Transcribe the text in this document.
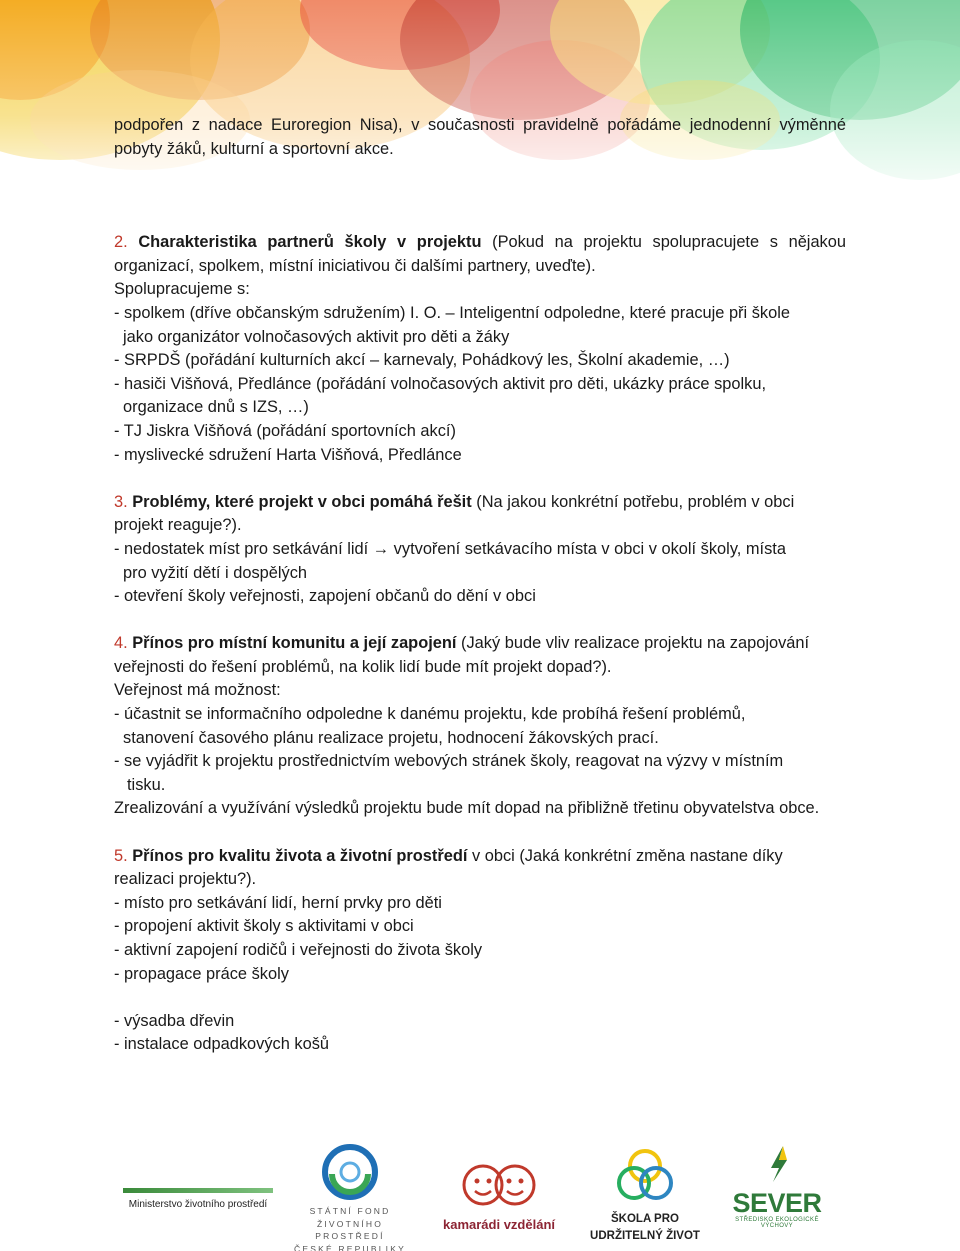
podpořen z nadace Euroregion Nisa), v současnosti pravidelně pořádáme jednodenní výměnné pobyty žáků, kulturní a sportovní akce.

2. Charakteristika partnerů školy v projektu (Pokud na projektu spolupracujete s nějakou organizací, spolkem, místní iniciativou či dalšími partnery, uveďte).

Spolupracujeme s:

- spolkem (dříve občanským sdružením) I. O. – Inteligentní odpoledne, které pracuje při škole

jako organizátor volnočasových aktivit pro děti a žáky

- SRPDŠ (pořádání kulturních akcí – karnevaly, Pohádkový les, Školní akademie, …)

- hasiči Višňová, Předlánce (pořádání volnočasových aktivit pro děti, ukázky práce spolku,

organizace dnů s IZS, …)

- TJ Jiskra Višňová (pořádání sportovních akcí)

- myslivecké sdružení Harta Višňová, Předlánce

3. Problémy, které projekt v obci pomáhá řešit (Na jakou konkrétní potřebu, problém v obci projekt reaguje?).

- nedostatek míst pro setkávání lidí → vytvoření setkávacího místa v obci v okolí školy, místa

pro vyžití dětí i dospělých

- otevření školy veřejnosti, zapojení občanů do dění v obci

4. Přínos pro místní komunitu a její zapojení (Jaký bude vliv realizace projektu na zapojování veřejnosti do řešení problémů, na kolik lidí bude mít projekt dopad?).

Veřejnost má možnost:

- účastnit se informačního odpoledne k danému projektu, kde probíhá řešení problémů,

stanovení časového plánu realizace projetu, hodnocení žákovských prací.

- se vyjádřit k projektu prostřednictvím webových stránek školy, reagovat na výzvy v místním

tisku.

Zrealizování a využívání výsledků projektu bude mít dopad na přibližně třetinu obyvatelstva obce.

5. Přínos pro kvalitu života a životní prostředí v obci (Jaká konkrétní změna nastane díky realizaci projektu?).

- místo pro setkávání lidí, herní prvky pro děti

- propojení aktivit školy s aktivitami v obci

- aktivní zapojení rodičů i veřejnosti do života školy

- propagace práce školy

- výsadba dřevin

- instalace odpadkových košů

Ministerstvo životního prostředí
STÁTNÍ FOND
ŽIVOTNÍHO PROSTŘEDÍ
ČESKÉ REPUBLIKY
kamarádi vzdělání	ŠKOLA PRO
UDRŽITELNÝ ŽIVOT
SEVER
STŘEDISKO EKOLOGICKÉ VÝCHOVY
